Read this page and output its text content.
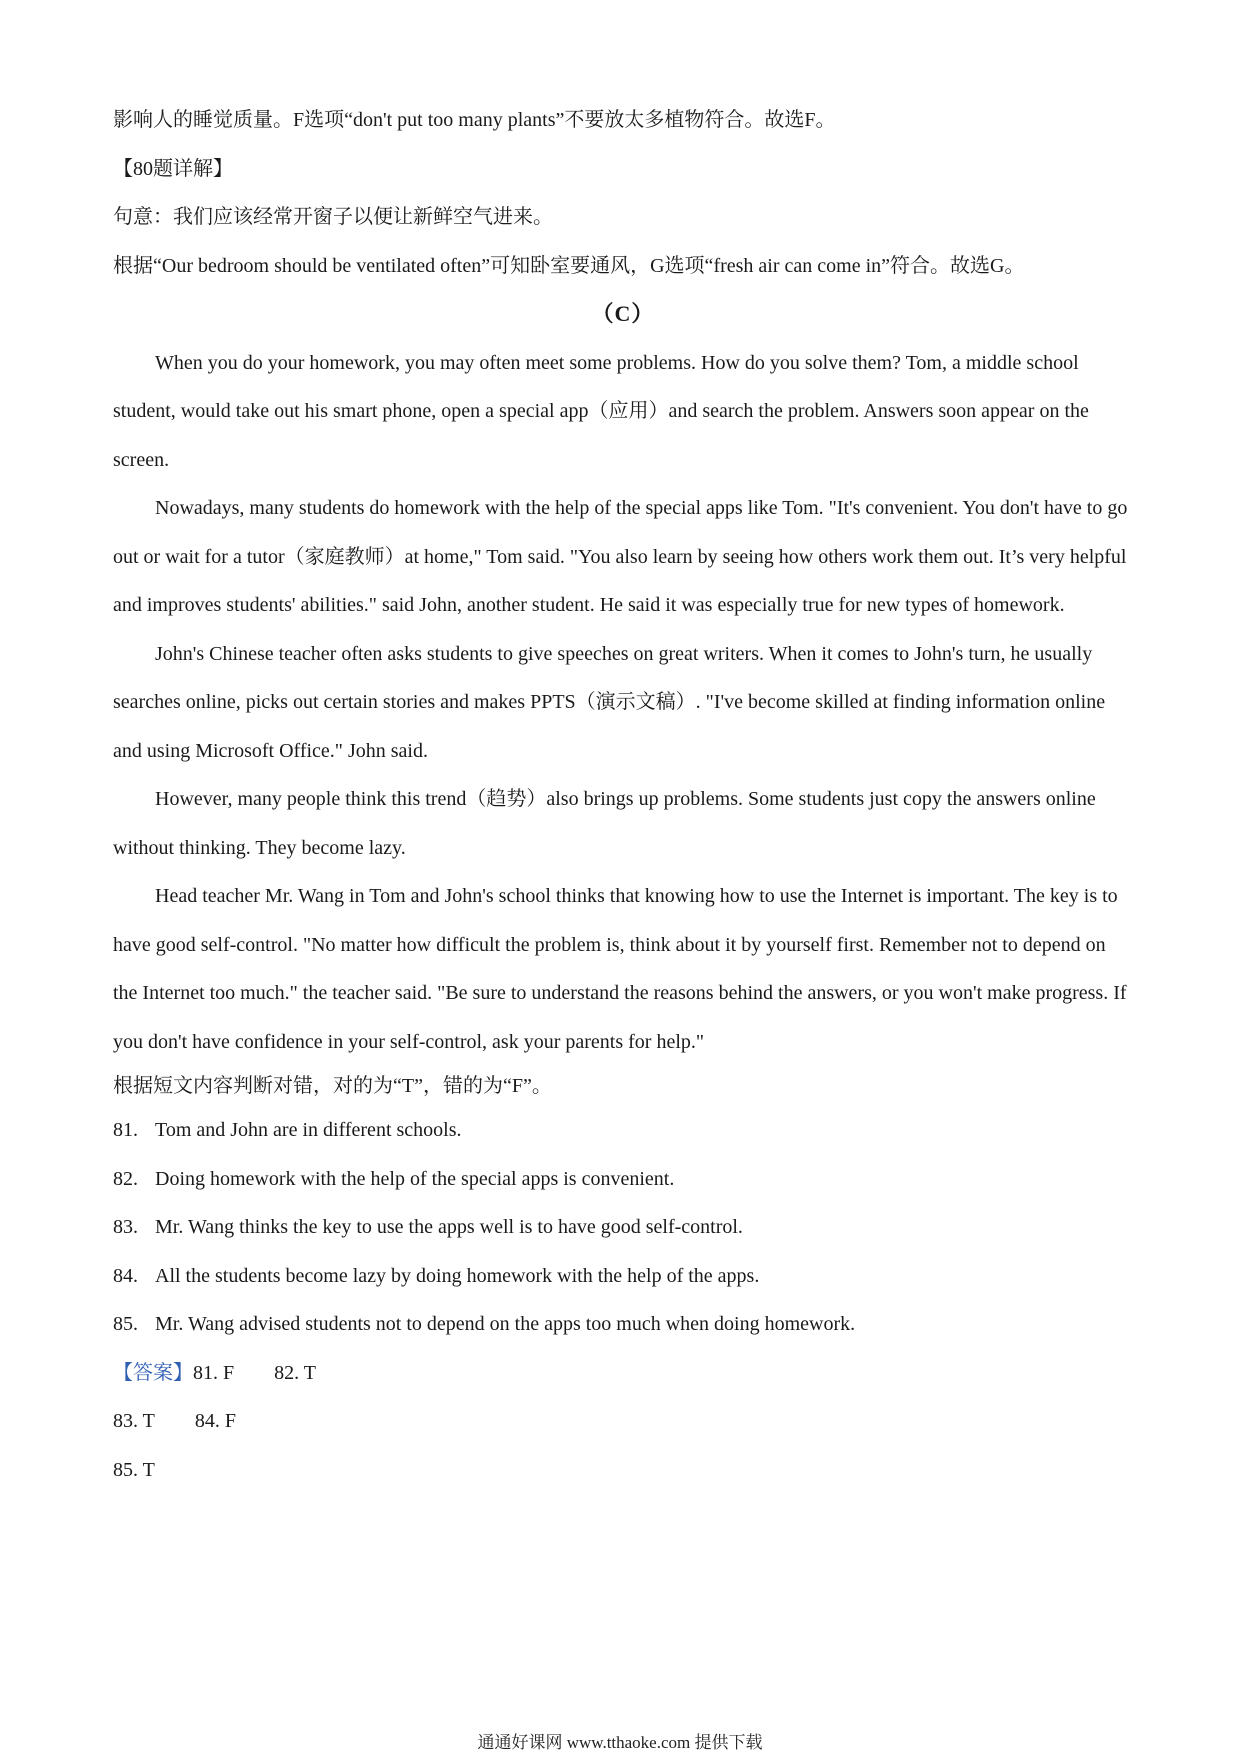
影响人的睡觉质量。F选项“don't put too many plants”不要放太多植物符合。故选F。

【80题详解】

句意：我们应该经常开窗子以便让新鲜空气进来。

根据“Our bedroom should be ventilated often”可知卧室要通风，G选项“fresh air can come in”符合。故选G。

（C）

When you do your homework, you may often meet some problems. How do you solve them? Tom, a middle school student, would take out his smart phone, open a special app（应用）and search the problem. Answers soon appear on the screen.

Nowadays, many students do homework with the help of the special apps like Tom. "It's convenient. You don't have to go out or wait for a tutor（家庭教师）at home," Tom said. "You also learn by seeing how others work them out. It’s very helpful and improves students' abilities." said John, another student. He said it was especially true for new types of homework.

John's Chinese teacher often asks students to give speeches on great writers. When it comes to John's turn, he usually searches online, picks out certain stories and makes PPTS（演示文稿）. "I've become skilled at finding information online and using Microsoft Office." John said.

However, many people think this trend（趋势）also brings up problems. Some students just copy the answers online without thinking. They become lazy.

Head teacher Mr. Wang in Tom and John's school thinks that knowing how to use the Internet is important. The key is to have good self-control. "No matter how difficult the problem is, think about it by yourself first. Remember not to depend on the Internet too much." the teacher said. "Be sure to understand the reasons behind the answers, or you won't make progress. If you don't have confidence in your self-control, ask your parents for help."

根据短文内容判断对错，对的为“T”，错的为“F”。

81. Tom and John are in different schools.

82. Doing homework with the help of the special apps is convenient.

83. Mr. Wang thinks the key to use the apps well is to have good self-control.

84. All the students become lazy by doing homework with the help of the apps.

85. Mr. Wang advised students not to depend on the apps too much when doing homework.

【答案】81. F 82. T

83. T 84. F

85. T

通通好课网 www.tthaoke.com 提供下载
